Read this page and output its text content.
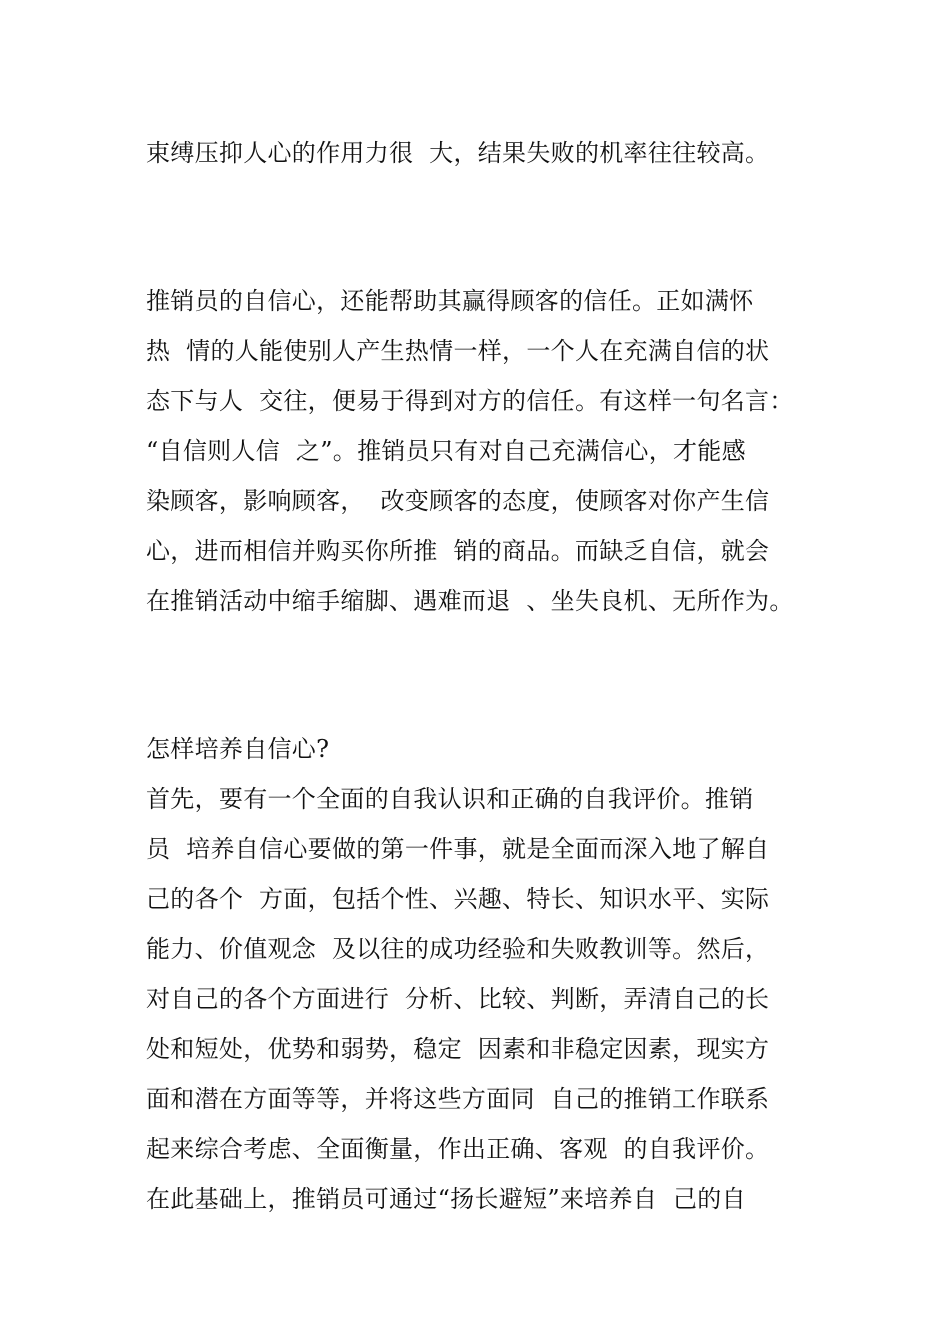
束缚压抑人心的作用力很  大，结果失败的机率往往较高。
推销员的自信心，还能帮助其赢得顾客的信任。正如满怀
热  情的人能使别人产生热情一样，一个人在充满自信的状
态下与人  交往，便易于得到对方的信任。有这样一句名言：
“自信则人信  之”。推销员只有对自己充满信心，才能感
染顾客，影响顾客，  改变顾客的态度，使顾客对你产生信
心，进而相信并购买你所推  销的商品。而缺乏自信，就会
在推销活动中缩手缩脚、遇难而退  、坐失良机、无所作为。
怎样培养自信心?
首先，要有一个全面的自我认识和正确的自我评价。推销
员  培养自信心要做的第一件事，就是全面而深入地了解自
己的各个  方面，包括个性、兴趣、特长、知识水平、实际
能力、价值观念  及以往的成功经验和失败教训等。然后，
对自己的各个方面进行  分析、比较、判断，弄清自己的长
处和短处，优势和弱势，稳定  因素和非稳定因素，现实方
面和潜在方面等等，并将这些方面同  自己的推销工作联系
起来综合考虑、全面衡量，作出正确、客观  的自我评价。
在此基础上，推销员可通过“扬长避短”来培养自  己的自
